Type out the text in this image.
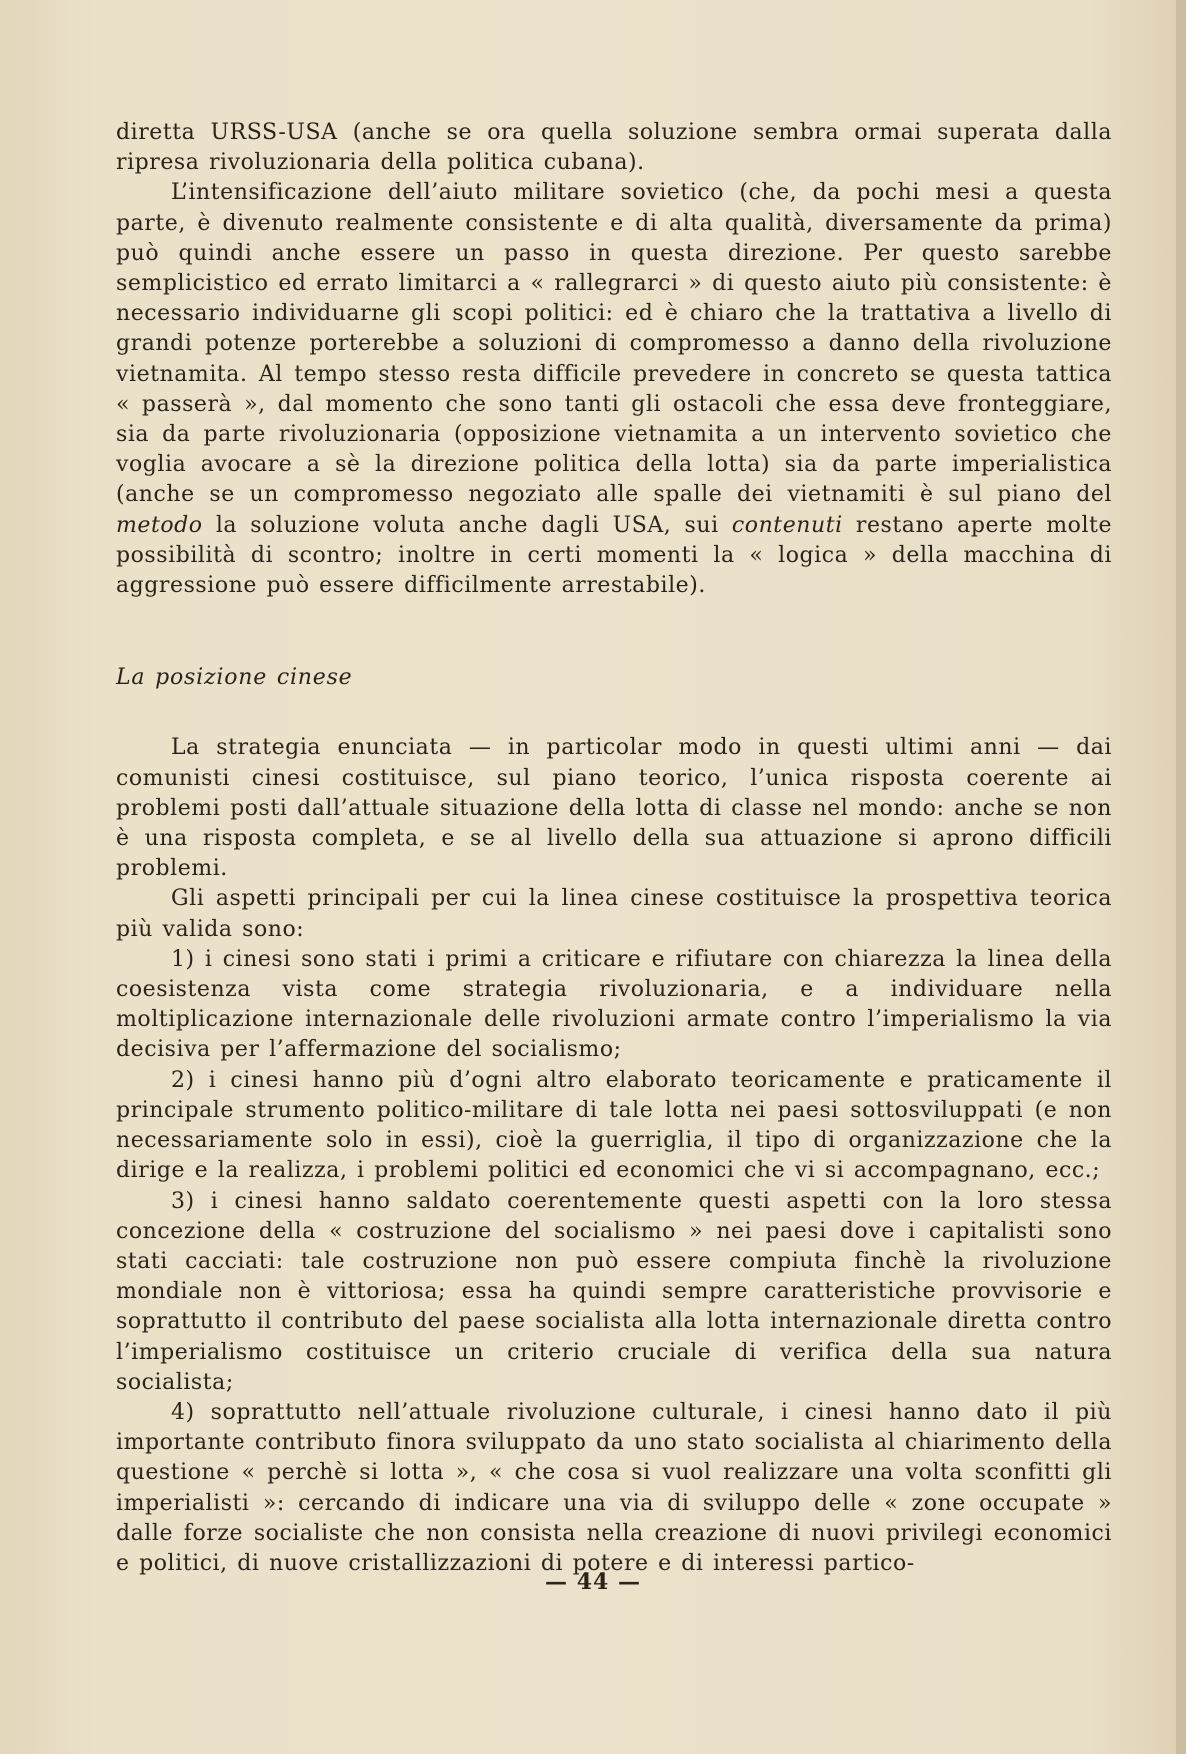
diretta URSS-USA (anche se ora quella soluzione sembra ormai superata dalla ripresa rivoluzionaria della politica cubana).

L’intensificazione dell’aiuto militare sovietico (che, da pochi mesi a questa parte, è divenuto realmente consistente e di alta qualità, diversamente da prima) può quindi anche essere un passo in questa direzione. Per questo sarebbe semplicistico ed errato limitarci a « rallegrarci » di questo aiuto più consistente: è necessario individuarne gli scopi politici: ed è chiaro che la trattativa a livello di grandi potenze porterebbe a soluzioni di compromesso a danno della rivoluzione vietnamita. Al tempo stesso resta difficile prevedere in concreto se questa tattica « passerà », dal momento che sono tanti gli ostacoli che essa deve fronteggiare, sia da parte rivoluzionaria (opposizione vietnamita a un intervento sovietico che voglia avocare a sè la direzione politica della lotta) sia da parte imperialistica (anche se un compromesso negoziato alle spalle dei vietnamiti è sul piano del metodo la soluzione voluta anche dagli USA, sui contenuti restano aperte molte possibilità di scontro; inoltre in certi momenti la « logica » della macchina di aggressione può essere difficilmente arrestabile).

La posizione cinese

La strategia enunciata — in particolar modo in questi ultimi anni — dai comunisti cinesi costituisce, sul piano teorico, l’unica risposta coerente ai problemi posti dall’attuale situazione della lotta di classe nel mondo: anche se non è una risposta completa, e se al livello della sua attuazione si aprono difficili problemi.

Gli aspetti principali per cui la linea cinese costituisce la prospettiva teorica più valida sono:

1) i cinesi sono stati i primi a criticare e rifiutare con chiarezza la linea della coesistenza vista come strategia rivoluzionaria, e a individuare nella moltiplicazione internazionale delle rivoluzioni armate contro l’imperialismo la via decisiva per l’affermazione del socialismo;

2) i cinesi hanno più d’ogni altro elaborato teoricamente e praticamente il principale strumento politico-militare di tale lotta nei paesi sottosviluppati (e non necessariamente solo in essi), cioè la guerriglia, il tipo di organizzazione che la dirige e la realizza, i problemi politici ed economici che vi si accompagnano, ecc.;

3) i cinesi hanno saldato coerentemente questi aspetti con la loro stessa concezione della « costruzione del socialismo » nei paesi dove i capitalisti sono stati cacciati: tale costruzione non può essere compiuta finchè la rivoluzione mondiale non è vittoriosa; essa ha quindi sempre caratteristiche provvisorie e soprattutto il contributo del paese socialista alla lotta internazionale diretta contro l’imperialismo costituisce un criterio cruciale di verifica della sua natura socialista;

4) soprattutto nell’attuale rivoluzione culturale, i cinesi hanno dato il più importante contributo finora sviluppato da uno stato socialista al chiarimento della questione « perchè si lotta », « che cosa si vuol realizzare una volta sconfitti gli imperialisti »: cercando di indicare una via di sviluppo delle « zone occupate » dalle forze socialiste che non consista nella creazione di nuovi privilegi economici e politici, di nuove cristallizzazioni di potere e di interessi partico-

— 44 —
